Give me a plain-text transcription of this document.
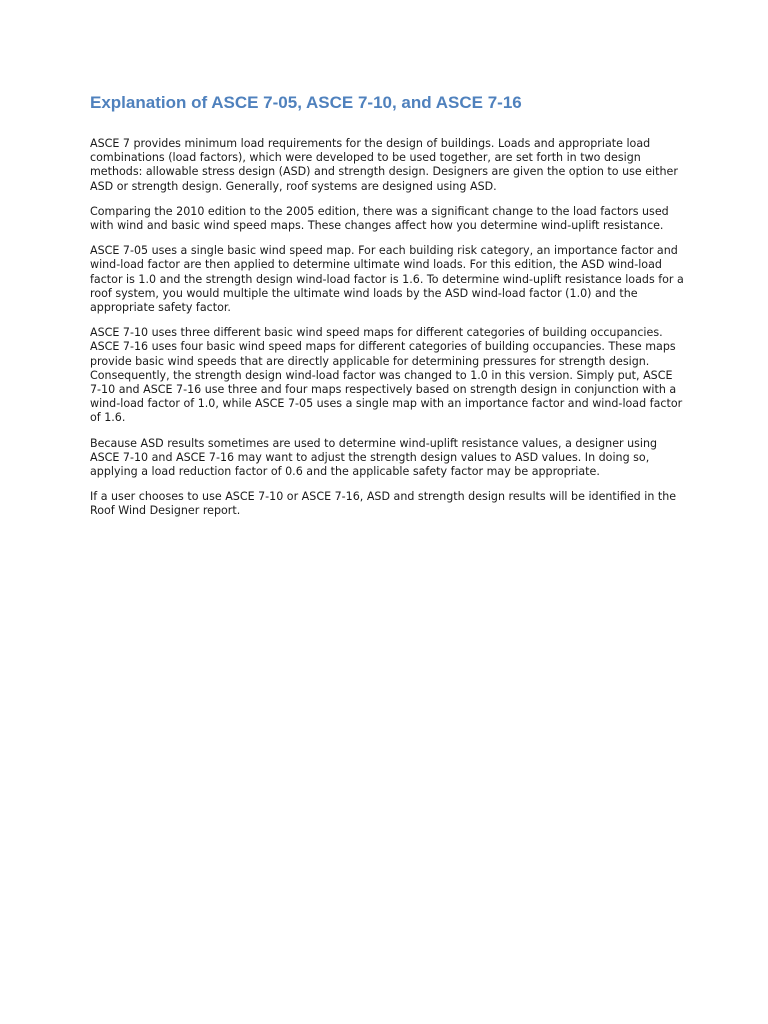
Explanation of ASCE 7-05, ASCE 7-10, and ASCE 7-16

ASCE 7 provides minimum load requirements for the design of buildings. Loads and appropriate load combinations (load factors), which were developed to be used together, are set forth in two design methods: allowable stress design (ASD) and strength design. Designers are given the option to use either ASD or strength design. Generally, roof systems are designed using ASD.

Comparing the 2010 edition to the 2005 edition, there was a significant change to the load factors used with wind and basic wind speed maps. These changes affect how you determine wind-uplift resistance.

ASCE 7-05 uses a single basic wind speed map. For each building risk category, an importance factor and wind-load factor are then applied to determine ultimate wind loads. For this edition, the ASD wind-load factor is 1.0 and the strength design wind-load factor is 1.6. To determine wind-uplift resistance loads for a roof system, you would multiple the ultimate wind loads by the ASD wind-load factor (1.0) and the appropriate safety factor.

ASCE 7-10 uses three different basic wind speed maps for different categories of building occupancies. ASCE 7-16 uses four basic wind speed maps for different categories of building occupancies. These maps provide basic wind speeds that are directly applicable for determining pressures for strength design. Consequently, the strength design wind-load factor was changed to 1.0 in this version. Simply put, ASCE 7-10 and ASCE 7-16 use three and four maps respectively based on strength design in conjunction with a wind-load factor of 1.0, while ASCE 7-05 uses a single map with an importance factor and wind-load factor of 1.6.

Because ASD results sometimes are used to determine wind-uplift resistance values, a designer using ASCE 7-10 and ASCE 7-16 may want to adjust the strength design values to ASD values. In doing so, applying a load reduction factor of 0.6 and the applicable safety factor may be appropriate.

If a user chooses to use ASCE 7-10 or ASCE 7-16, ASD and strength design results will be identified in the Roof Wind Designer report.
